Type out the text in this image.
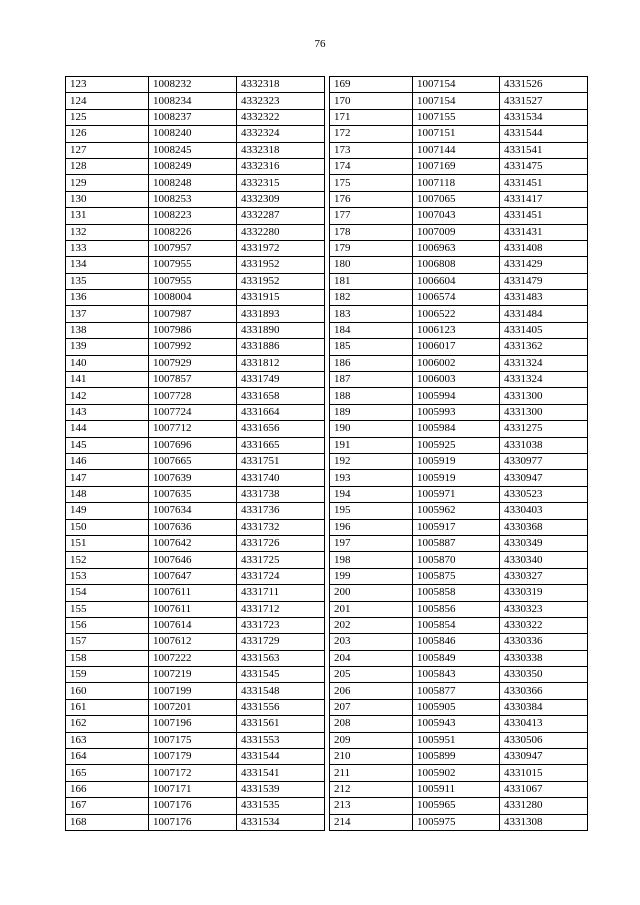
76
123	1008232	4332318
124	1008234	4332323
125	1008237	4332322
126	1008240	4332324
127	1008245	4332318
128	1008249	4332316
129	1008248	4332315
130	1008253	4332309
131	1008223	4332287
132	1008226	4332280
133	1007957	4331972
134	1007955	4331952
135	1007955	4331952
136	1008004	4331915
137	1007987	4331893
138	1007986	4331890
139	1007992	4331886
140	1007929	4331812
141	1007857	4331749
142	1007728	4331658
143	1007724	4331664
144	1007712	4331656
145	1007696	4331665
146	1007665	4331751
147	1007639	4331740
148	1007635	4331738
149	1007634	4331736
150	1007636	4331732
151	1007642	4331726
152	1007646	4331725
153	1007647	4331724
154	1007611	4331711
155	1007611	4331712
156	1007614	4331723
157	1007612	4331729
158	1007222	4331563
159	1007219	4331545
160	1007199	4331548
161	1007201	4331556
162	1007196	4331561
163	1007175	4331553
164	1007179	4331544
165	1007172	4331541
166	1007171	4331539
167	1007176	4331535
168	1007176	4331534
169	1007154	4331526
170	1007154	4331527
171	1007155	4331534
172	1007151	4331544
173	1007144	4331541
174	1007169	4331475
175	1007118	4331451
176	1007065	4331417
177	1007043	4331451
178	1007009	4331431
179	1006963	4331408
180	1006808	4331429
181	1006604	4331479
182	1006574	4331483
183	1006522	4331484
184	1006123	4331405
185	1006017	4331362
186	1006002	4331324
187	1006003	4331324
188	1005994	4331300
189	1005993	4331300
190	1005984	4331275
191	1005925	4331038
192	1005919	4330977
193	1005919	4330947
194	1005971	4330523
195	1005962	4330403
196	1005917	4330368
197	1005887	4330349
198	1005870	4330340
199	1005875	4330327
200	1005858	4330319
201	1005856	4330323
202	1005854	4330322
203	1005846	4330336
204	1005849	4330338
205	1005843	4330350
206	1005877	4330366
207	1005905	4330384
208	1005943	4330413
209	1005951	4330506
210	1005899	4330947
211	1005902	4331015
212	1005911	4331067
213	1005965	4331280
214	1005975	4331308
